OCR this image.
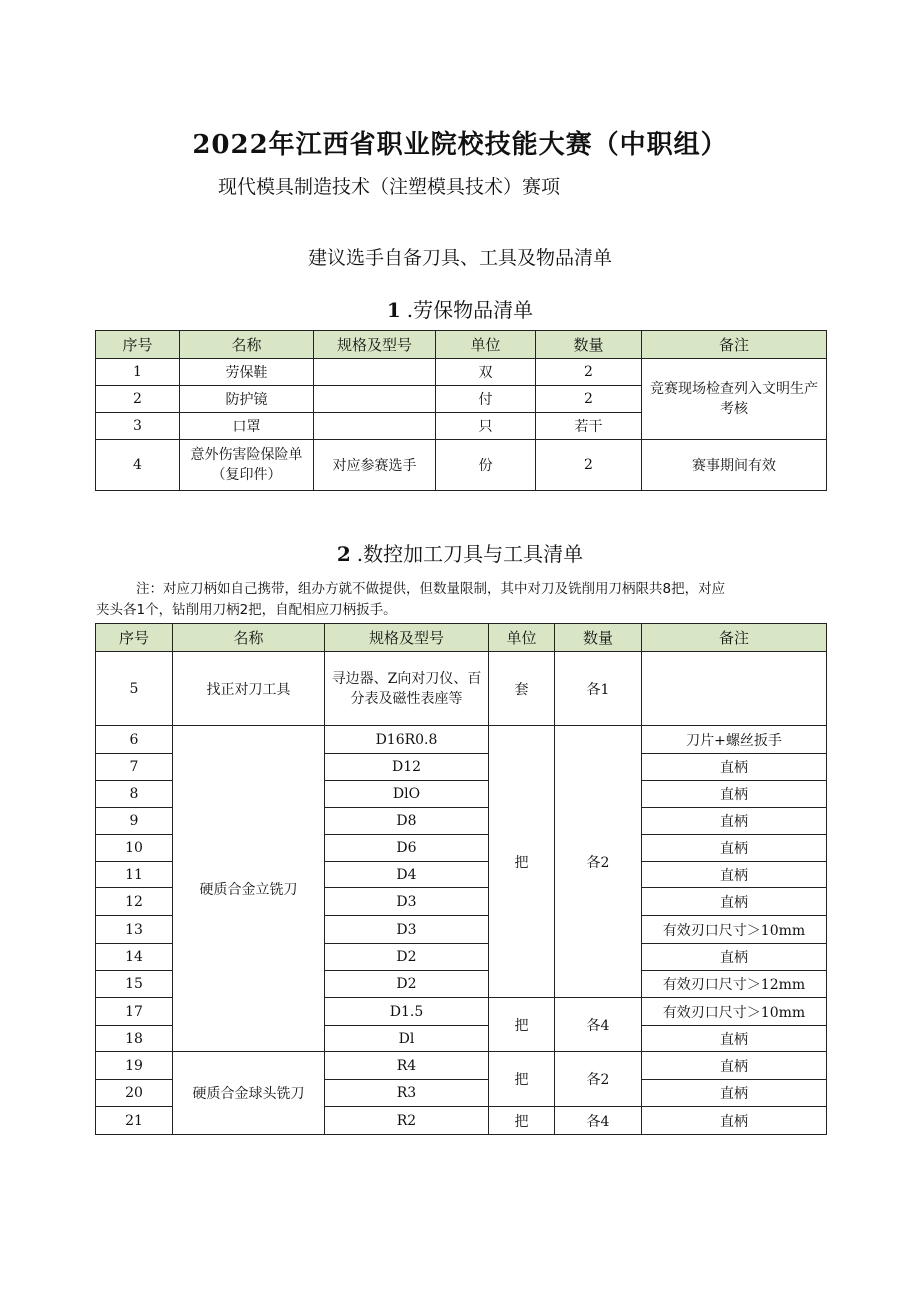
2022年江西省职业院校技能大赛（中职组）
现代模具制造技术（注塑模具技术）赛项
建议选手自备刀具、工具及物品清单
1 .劳保物品清单
序号	名称	规格及型号	单位	数量	备注
1	劳保鞋		双	2	竞赛现场检查列入文明生产考核
2	防护镜		付	2	
3	口罩		只	若干	
4	意外伤害险保险单（复印件）	对应参赛选手	份	2	赛事期间有效
2 .数控加工刀具与工具清单
注：对应刀柄如自己携带，组办方就不做提供，但数量限制，其中对刀及铣削用刀柄限共8把，对应
夹头各1个，钻削用刀柄2把，自配相应刀柄扳手。
序号	名称	规格及型号	单位	数量	备注
5	找正对刀工具	寻边器、Z向对刀仪、百分表及磁性表座等	套	各1	
6	硬质合金立铣刀	D16R0.8	把	各2	刀片+螺丝扳手
7		D12			直柄
8		DlO			直柄
9		D8			直柄
10		D6			直柄
11		D4			直柄
12		D3			直柄
13		D3			有效刃口尺寸＞10mm
14		D2			直柄
15		D2			有效刃口尺寸＞12mm
17		D1.5	把	各4	有效刃口尺寸＞10mm
18		Dl			直柄
19	硬质合金球头铣刀	R4	把	各2	直柄
20		R3			直柄
21		R2	把	各4	直柄
